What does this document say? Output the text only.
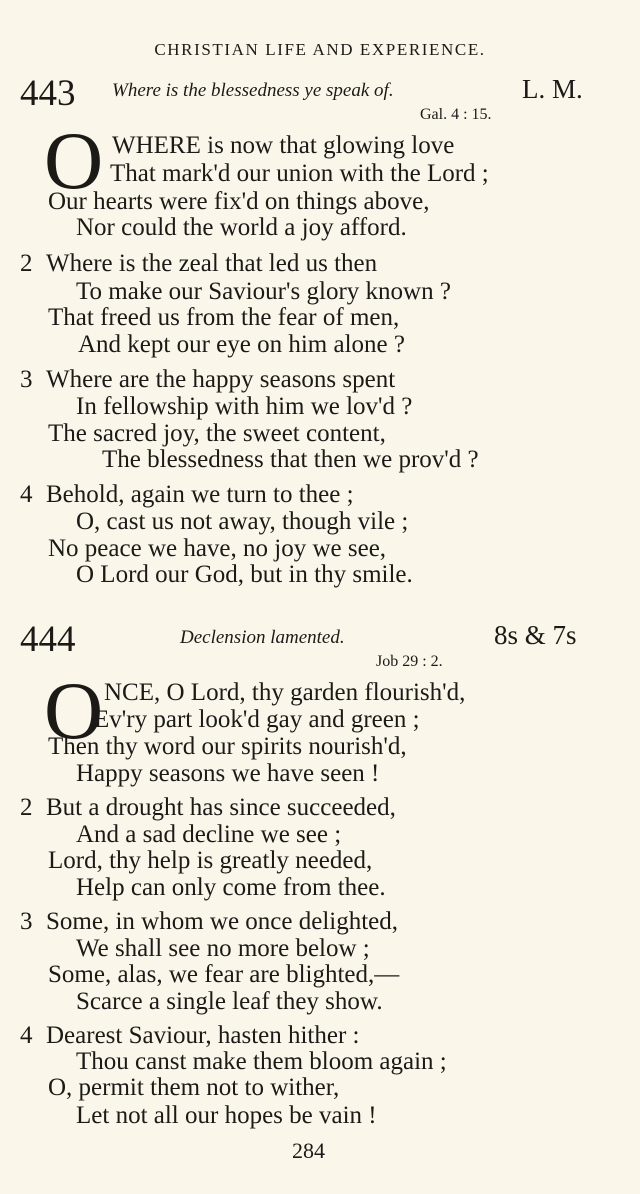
CHRISTIAN LIFE AND EXPERIENCE.
443 Where is the blessedness ye speak of.	L. M.
Gal. 4 : 15.
O WHERE is now that glowing love
That mark'd our union with the Lord ;
Our hearts were fix'd on things above,
Nor could the world a joy afford.
2 Where is the zeal that led us then
To make our Saviour's glory known ?
That freed us from the fear of men,
And kept our eye on him alone ?
3 Where are the happy seasons spent
In fellowship with him we lov'd ?
The sacred joy, the sweet content,
The blessedness that then we prov'd ?
4 Behold, again we turn to thee ;
O, cast us not away, though vile ;
No peace we have, no joy we see,
O Lord our God, but in thy smile.
444	Declension lamented.	8s & 7s
Job 29 : 2.
O NCE, O Lord, thy garden flourish'd,
Ev'ry part look'd gay and green ;
Then thy word our spirits nourish'd,
Happy seasons we have seen !
2 But a drought has since succeeded,
And a sad decline we see ;
Lord, thy help is greatly needed,
Help can only come from thee.
3 Some, in whom we once delighted,
We shall see no more below ;
Some, alas, we fear are blighted,—
Scarce a single leaf they show.
4 Dearest Saviour, hasten hither :
Thou canst make them bloom again ;
O, permit them not to wither,
Let not all our hopes be vain !
284
